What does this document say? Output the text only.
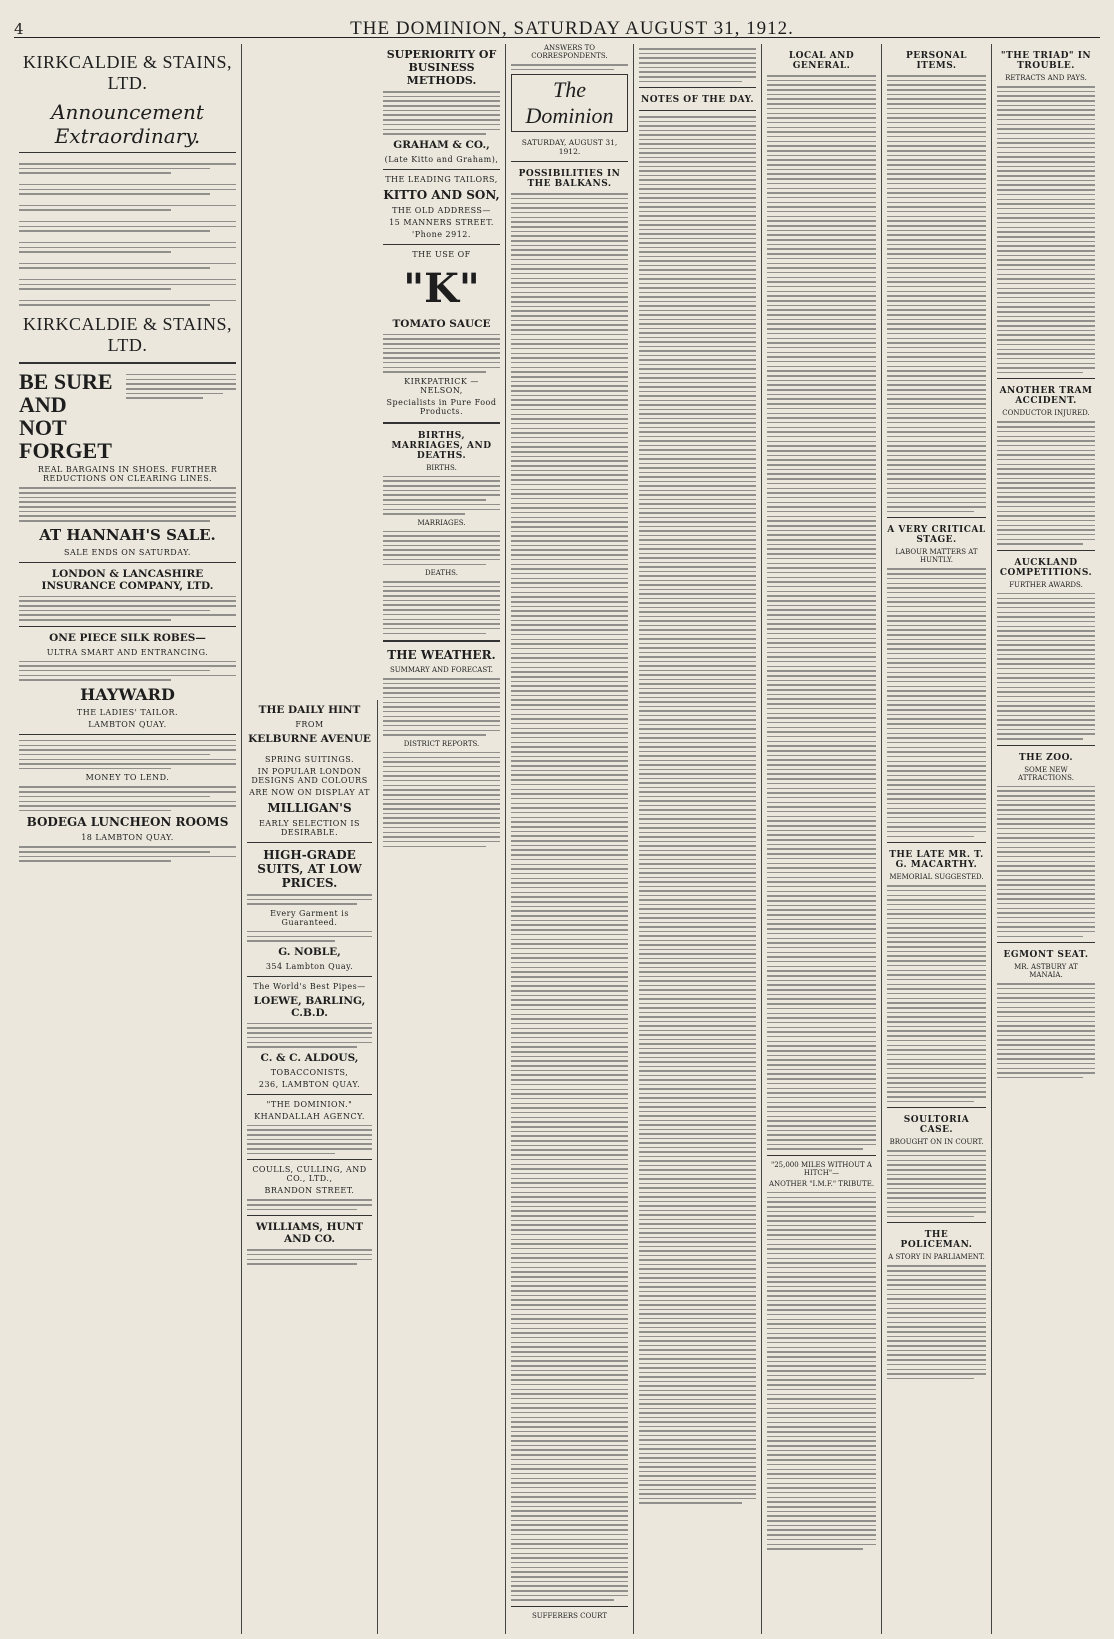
4	THE DOMINION, SATURDAY AUGUST 31, 1912.
KIRKCALDIE & STAINS, LTD.
Announcement Extraordinary.
KIRKCALDIE & STAINS, LTD.
BE SURE
AND
NOT FORGET
REAL BARGAINS IN SHOES. FURTHER REDUCTIONS ON CLEARING LINES.
AT HANNAH'S SALE.
SALE ENDS ON SATURDAY.
LONDON & LANCASHIRE INSURANCE COMPANY, LTD.
ONE PIECE SILK ROBES—
ULTRA SMART AND ENTRANCING.
HAYWARD
THE LADIES' TAILOR.
LAMBTON QUAY.
MONEY TO LEND.
BODEGA LUNCHEON ROOMS
18 LAMBTON QUAY.
THE DAILY HINT
FROM
KELBURNE AVENUE
SPRING SUITINGS.
IN POPULAR LONDON DESIGNS AND COLOURS
ARE NOW ON DISPLAY AT
MILLIGAN'S
EARLY SELECTION IS DESIRABLE.
HIGH-GRADE SUITS, AT LOW PRICES.
Every Garment is Guaranteed.
G. NOBLE,
354 Lambton Quay.
The World's Best Pipes—
LOEWE, BARLING, C.B.D.
C. & C. ALDOUS,
TOBACCONISTS,
236, LAMBTON QUAY.
"THE DOMINION."
KHANDALLAH AGENCY.
COULLS, CULLING, AND CO., LTD.,
BRANDON STREET.
WILLIAMS, HUNT AND CO.
SUPERIORITY OF BUSINESS METHODS.
GRAHAM & CO.,
(Late Kitto and Graham),
THE LEADING TAILORS,
KITTO AND SON,
THE OLD ADDRESS—
15 MANNERS STREET.
'Phone 2912.
THE USE OF
"K"
TOMATO SAUCE
KIRKPATRICK — NELSON,
Specialists in Pure Food Products.
BIRTHS, MARRIAGES, AND DEATHS.
BIRTHS.
MARRIAGES.
DEATHS.
THE WEATHER.
SUMMARY AND FORECAST.
DISTRICT REPORTS.
ANSWERS TO CORRESPONDENTS.
The Dominion
SATURDAY, AUGUST 31, 1912.
POSSIBILITIES IN THE BALKANS.
SUFFERERS COURT
NOTES OF THE DAY.
LOCAL AND GENERAL.
"25,000 MILES WITHOUT A HITCH"—
ANOTHER "I.M.F." TRIBUTE.
PERSONAL ITEMS.
A VERY CRITICAL STAGE.
LABOUR MATTERS AT HUNTLY.
THE LATE MR. T. G. MACARTHY.
MEMORIAL SUGGESTED.
SOULTORIA CASE.
BROUGHT ON IN COURT.
THE POLICEMAN.
A STORY IN PARLIAMENT.
"THE TRIAD" IN TROUBLE.
RETRACTS AND PAYS.
ANOTHER TRAM ACCIDENT.
CONDUCTOR INJURED.
AUCKLAND COMPETITIONS.
FURTHER AWARDS.
THE ZOO.
SOME NEW ATTRACTIONS.
EGMONT SEAT.
MR. ASTBURY AT MANAIA.
